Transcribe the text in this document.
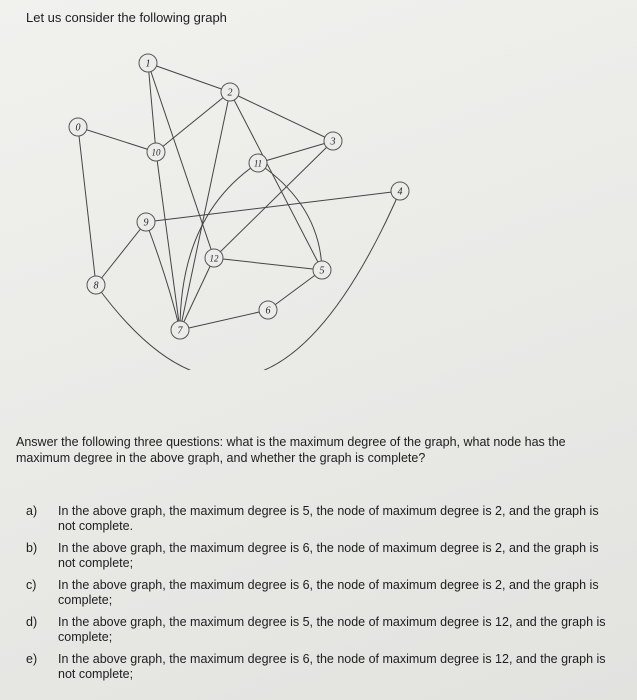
Let us consider the following graph
0
1
2
3
4
5
6
7
8
9
10
11
12

Answer the following three questions: what is the maximum degree of the graph, what node has the maximum degree in the above graph, and whether the graph is complete?

a)	In the above graph, the maximum degree is 5, the node of maximum degree is 2, and the graph is not complete.
b)	In the above graph, the maximum degree is 6, the node of maximum degree is 2, and the graph is not complete;
c)	In the above graph, the maximum degree is 6, the node of maximum degree is 2, and the graph is complete;
d)	In the above graph, the maximum degree is 5, the node of maximum degree is 12, and the graph is complete;
e)	In the above graph, the maximum degree is 6, the node of maximum degree is 12, and the graph is not complete;
